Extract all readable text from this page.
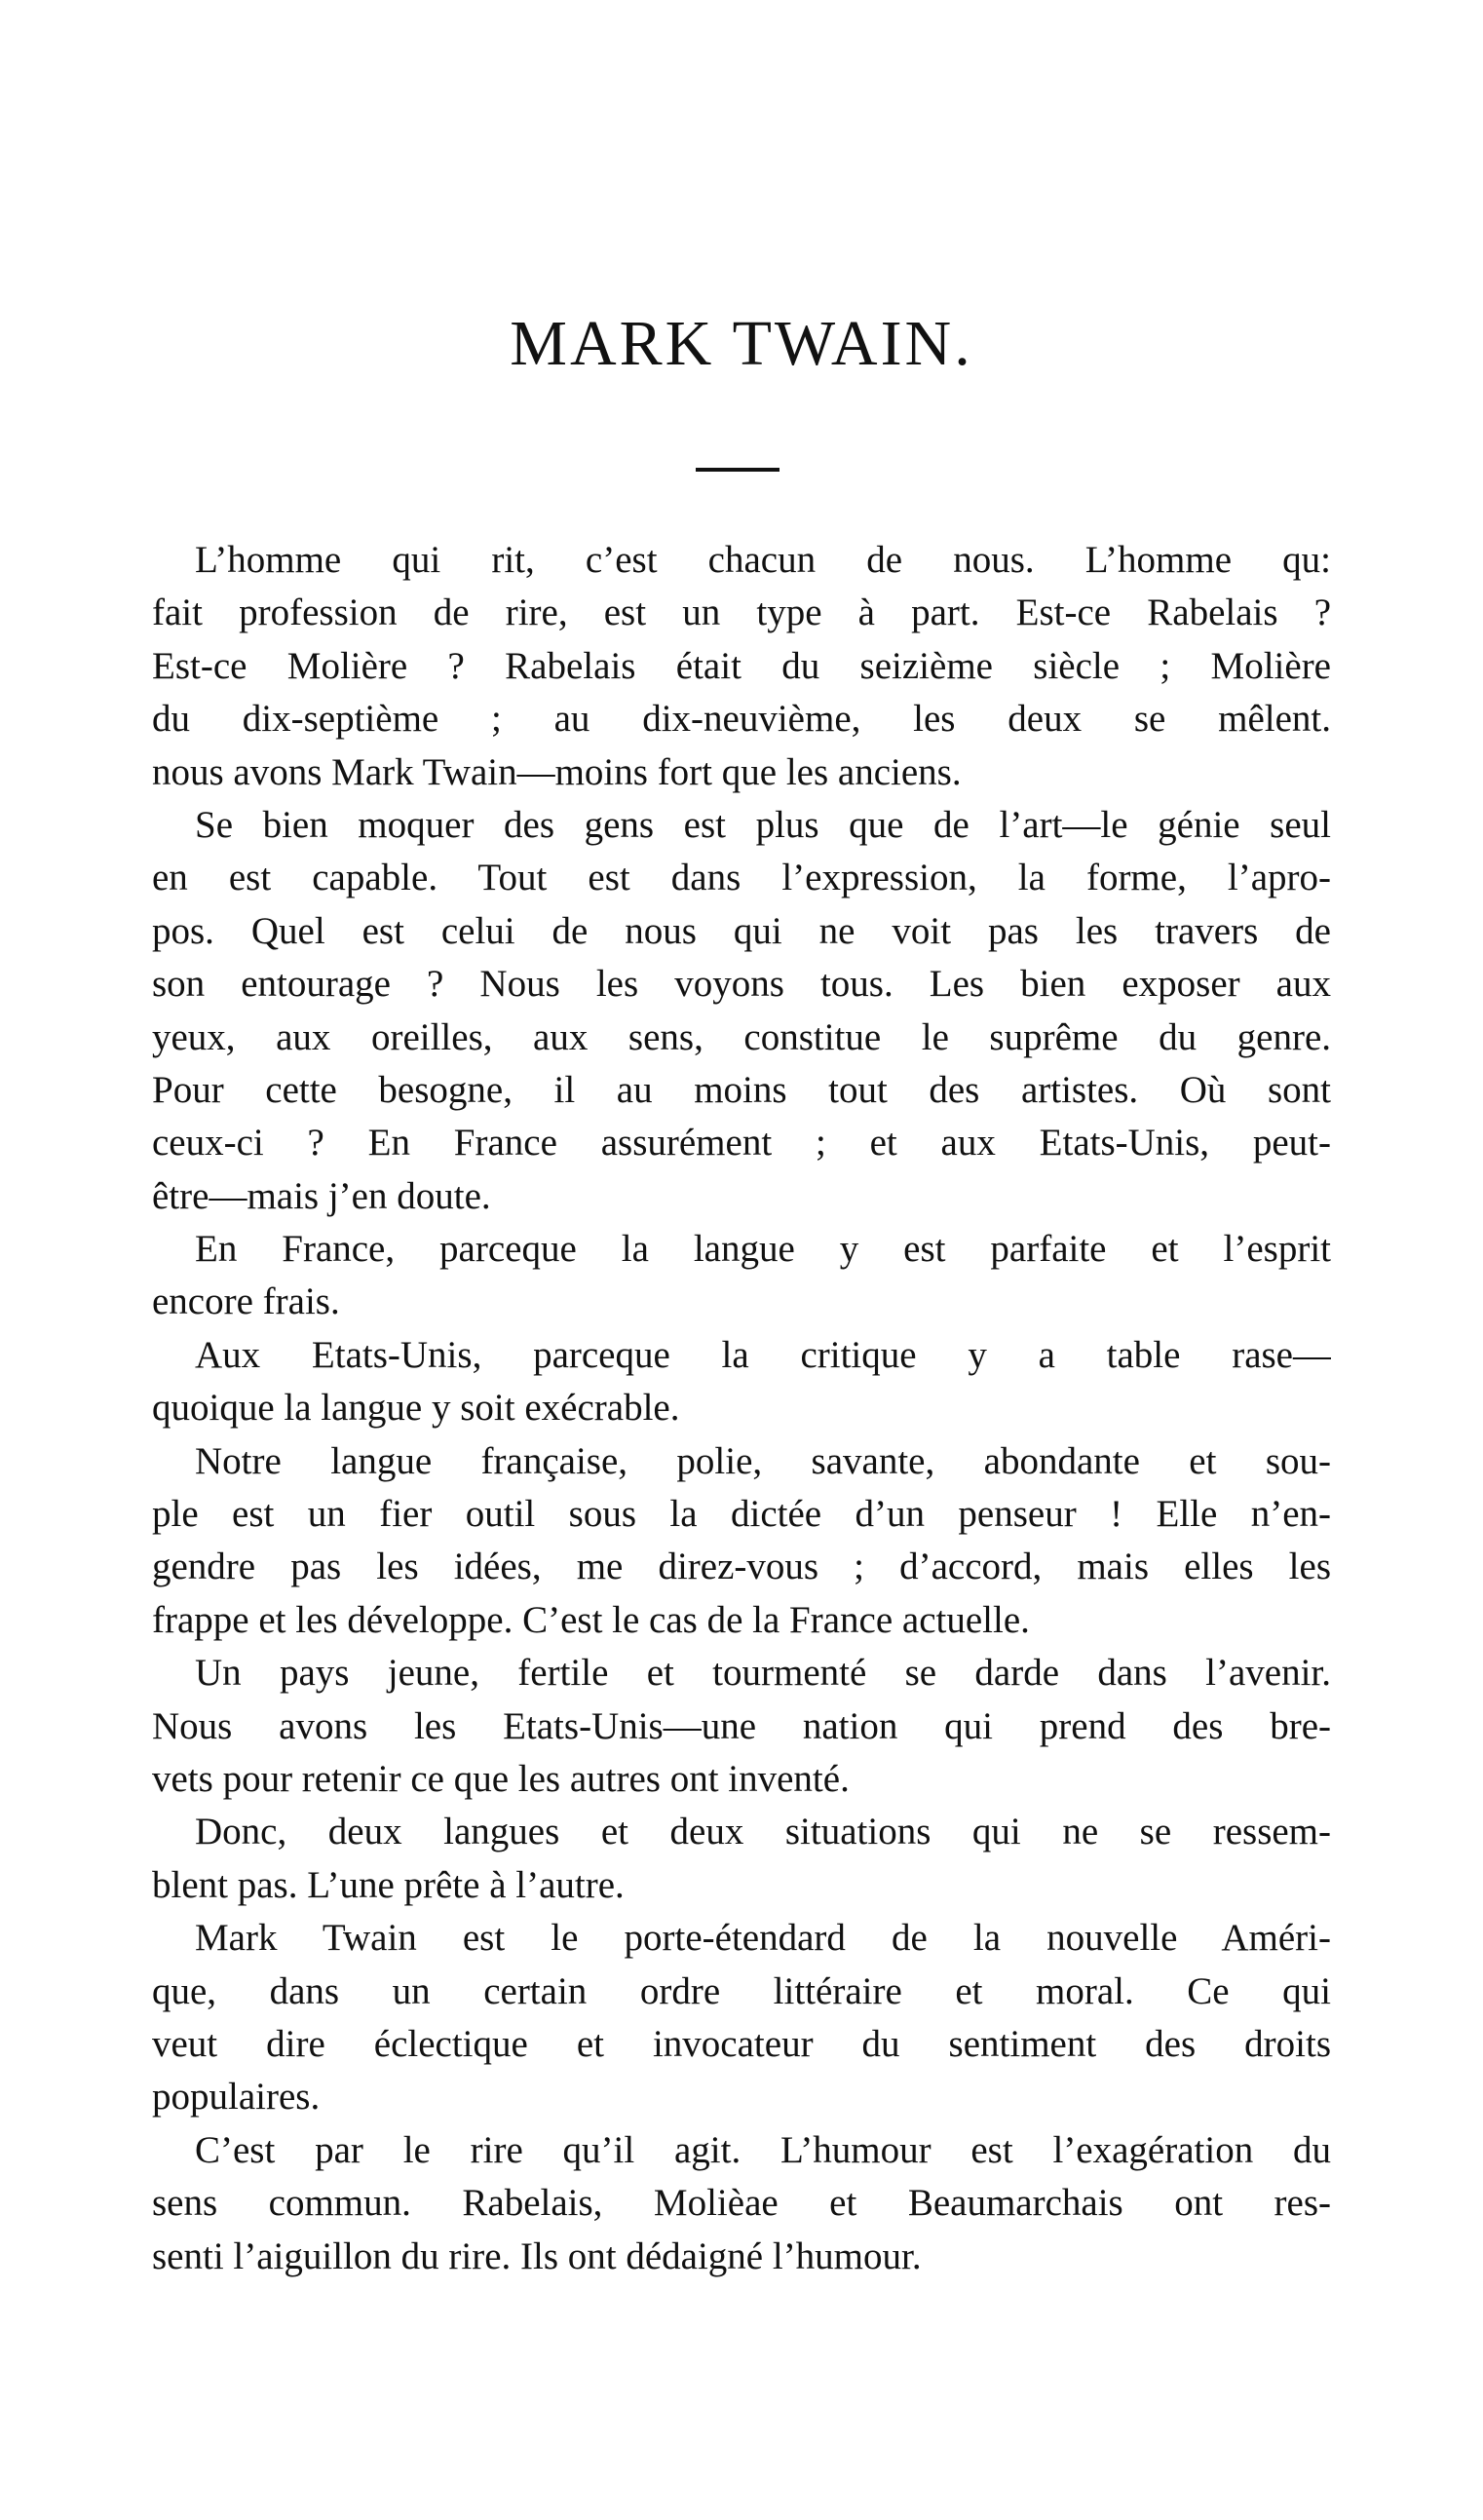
MARK TWAIN.
L’homme qui rit, c’est chacun de nous. L’homme qu:
fait profession de rire, est un type à part. Est-ce Rabelais ?
Est-ce Molière ? Rabelais était du seizième siècle ; Molière
du dix-septième ; au dix-neuvième, les deux se mêlent.
nous avons Mark Twain—moins fort que les anciens.
Se bien moquer des gens est plus que de l’art—le génie seul
en est capable. Tout est dans l’expression, la forme, l’apro-
pos. Quel est celui de nous qui ne voit pas les travers de
son entourage ? Nous les voyons tous. Les bien exposer aux
yeux, aux oreilles, aux sens, constitue le suprême du genre.
Pour cette besogne, il au moins tout des artistes. Où sont
ceux-ci ? En France assurément ; et aux Etats-Unis, peut-
être—mais j’en doute.
En France, parceque la langue y est parfaite et l’esprit
encore frais.
Aux Etats-Unis, parceque la critique y a table rase—
quoique la langue y soit exécrable.
Notre langue française, polie, savante, abondante et sou-
ple est un fier outil sous la dictée d’un penseur ! Elle n’en-
gendre pas les idées, me direz-vous ; d’accord, mais elles les
frappe et les développe. C’est le cas de la France actuelle.
Un pays jeune, fertile et tourmenté se darde dans l’avenir.
Nous avons les Etats-Unis—une nation qui prend des bre-
vets pour retenir ce que les autres ont inventé.
Donc, deux langues et deux situations qui ne se ressem-
blent pas. L’une prête à l’autre.
Mark Twain est le porte-étendard de la nouvelle Améri-
que, dans un certain ordre littéraire et moral. Ce qui
veut dire éclectique et invocateur du sentiment des droits
populaires.
C’est par le rire qu’il agit. L’humour est l’exagération du
sens commun. Rabelais, Molièae et Beaumarchais ont res-
senti l’aiguillon du rire. Ils ont dédaigné l’humour.
